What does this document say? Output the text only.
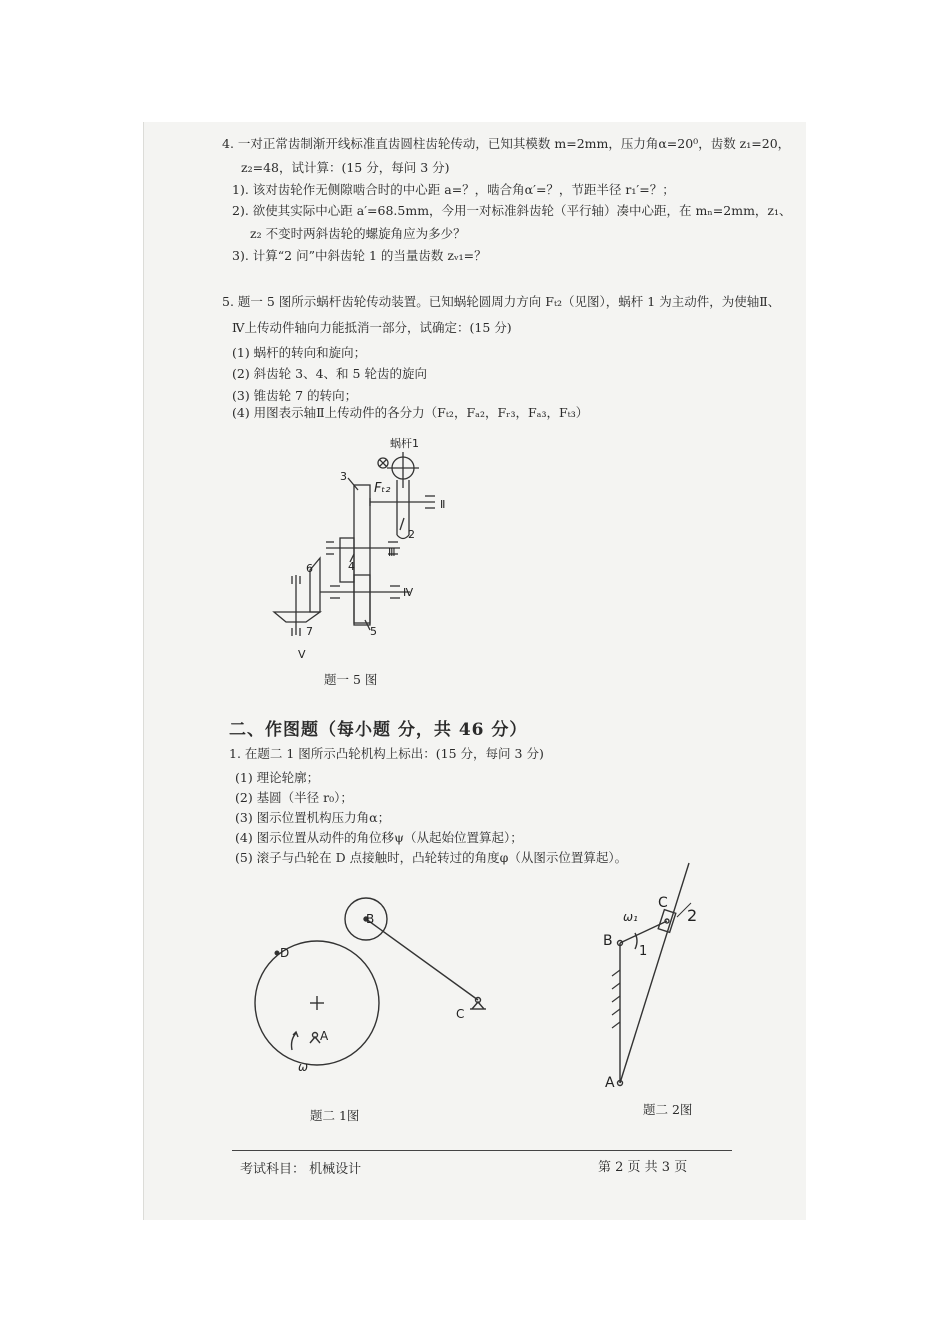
4. 一对正常齿制渐开线标准直齿圆柱齿轮传动，已知其模数 m=2mm，压力角α=20⁰，齿数 z₁=20，
z₂=48，试计算：(15 分，每问 3 分)
1). 该对齿轮作无侧隙啮合时的中心距 a=？，啮合角α′=？，节距半径 r₁′=？；
2). 欲使其实际中心距 a′=68.5mm，今用一对标准斜齿轮（平行轴）凑中心距，在 mₙ=2mm，z₁、
z₂ 不变时两斜齿轮的螺旋角应为多少？
3). 计算“2 问”中斜齿轮 1 的当量齿数 zᵥ₁=？
5. 题一 5 图所示蜗杆齿轮传动装置。已知蜗轮圆周力方向 Fₜ₂（见图），蜗杆 1 为主动件，为使轴Ⅱ、
Ⅳ上传动件轴向力能抵消一部分，试确定：(15 分)
(1) 蜗杆的转向和旋向；
(2) 斜齿轮 3、4、和 5 轮齿的旋向
(3) 锥齿轮 7 的转向；
(4) 用图表示轴Ⅱ上传动件的各分力（Fₜ₂，Fₐ₂，Fᵣ₃，Fₐ₃，Fₜ₃）
蜗杆1
Fₜ₂
3
2
4
5
6
7
Ⅱ
Ⅲ
Ⅳ
Ⅴ
题一 5 图
二、作图题（每小题 分，共 46 分）
1. 在题二 1 图所示凸轮机构上标出：(15 分，每问 3 分)
(1) 理论轮廓；
(2) 基圆（半径 r₀）；
(3) 图示位置机构压力角α；
(4) 图示位置从动件的角位移ψ（从起始位置算起）；
(5) 滚子与凸轮在 D 点接触时，凸轮转过的角度φ（从图示位置算起）。
B
D
C
A
ω
题二 1图
B
C
A
ω₁
1
2
题二 2图
考试科目： 机械设计	第 2 页 共 3 页
